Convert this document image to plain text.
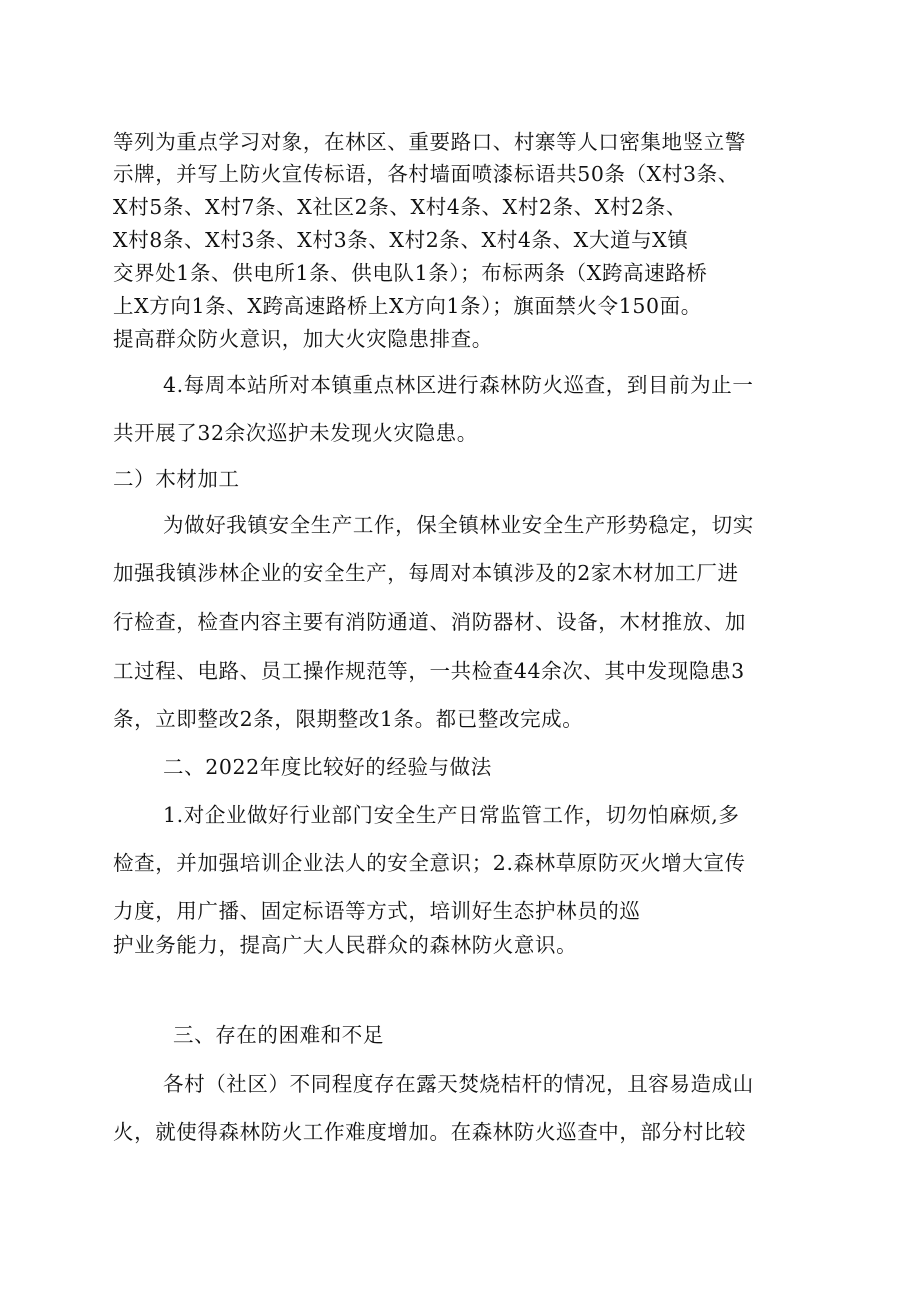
等列为重点学习对象，在林区、重要路口、村寨等人口密集地竖立警

示牌，并写上防火宣传标语，各村墙面喷漆标语共50条（X村3条、

X村5条、X村7条、X社区2条、X村4条、X村2条、X村2条、

X村8条、X村3条、X村3条、X村2条、X村4条、X大道与X镇

交界处1条、供电所1条、供电队1条）；布标两条（X跨高速路桥

上X方向1条、X跨高速路桥上X方向1条）；旗面禁火令150面。

提高群众防火意识，加大火灾隐患排查。

4.每周本站所对本镇重点林区进行森林防火巡查，到目前为止一

共开展了32余次巡护未发现火灾隐患。

二）木材加工

为做好我镇安全生产工作，保全镇林业安全生产形势稳定，切实

加强我镇涉林企业的安全生产，每周对本镇涉及的2家木材加工厂进

行检查，检查内容主要有消防通道、消防器材、设备，木材推放、加

工过程、电路、员工操作规范等，一共检查44余次、其中发现隐患3

条，立即整改2条，限期整改1条。都已整改完成。

二、2022年度比较好的经验与做法

1.对企业做好行业部门安全生产日常监管工作，切勿怕麻烦,多

检查，并加强培训企业法人的安全意识；2.森林草原防灭火增大宣传

力度，用广播、固定标语等方式，培训好生态护林员的巡

护业务能力，提高广大人民群众的森林防火意识。

三、存在的困难和不足

各村（社区）不同程度存在露天焚烧桔杆的情况，且容易造成山

火，就使得森林防火工作难度增加。在森林防火巡查中，部分村比较
